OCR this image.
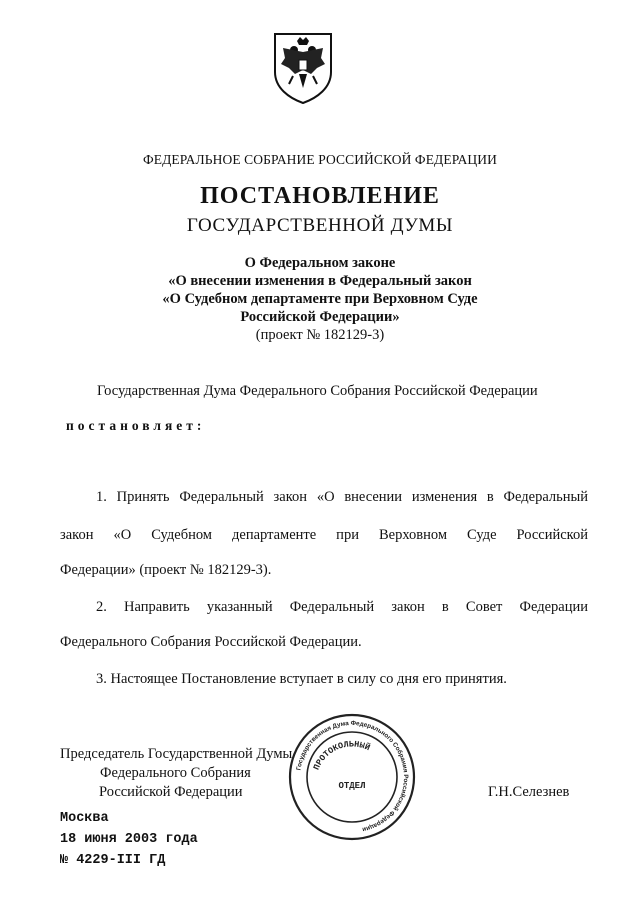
ФЕДЕРАЛЬНОЕ СОБРАНИЕ РОССИЙСКОЙ ФЕДЕРАЦИИ
ПОСТАНОВЛЕНИЕ
ГОСУДАРСТВЕННОЙ ДУМЫ
О Федеральном законе
«О внесении изменения в Федеральный закон
«О Судебном департаменте при Верховном Суде
Российской Федерации»
(проект № 182129-3)
Государственная Дума Федерального Собрания Российской Федерации
постановляет:
1. Принять Федеральный закон «О внесении изменения в Федеральный
закон «О Судебном департаменте при Верховном Суде Российской
Федерации» (проект № 182129-3).
2. Направить указанный Федеральный закон в Совет Федерации
Федерального Собрания Российской Федерации.
3. Настоящее Постановление вступает в силу со дня его принятия.
Председатель Государственной Думы
Федерального Собрания
Российской Федерации	Г.Н.Селезнев
Государственная Дума Федерального Собрания Российской Федерации
ПРОТОКОЛЬНЫЙ
ОТДЕЛ
Москва
18 июня 2003 года
№ 4229-III ГД
